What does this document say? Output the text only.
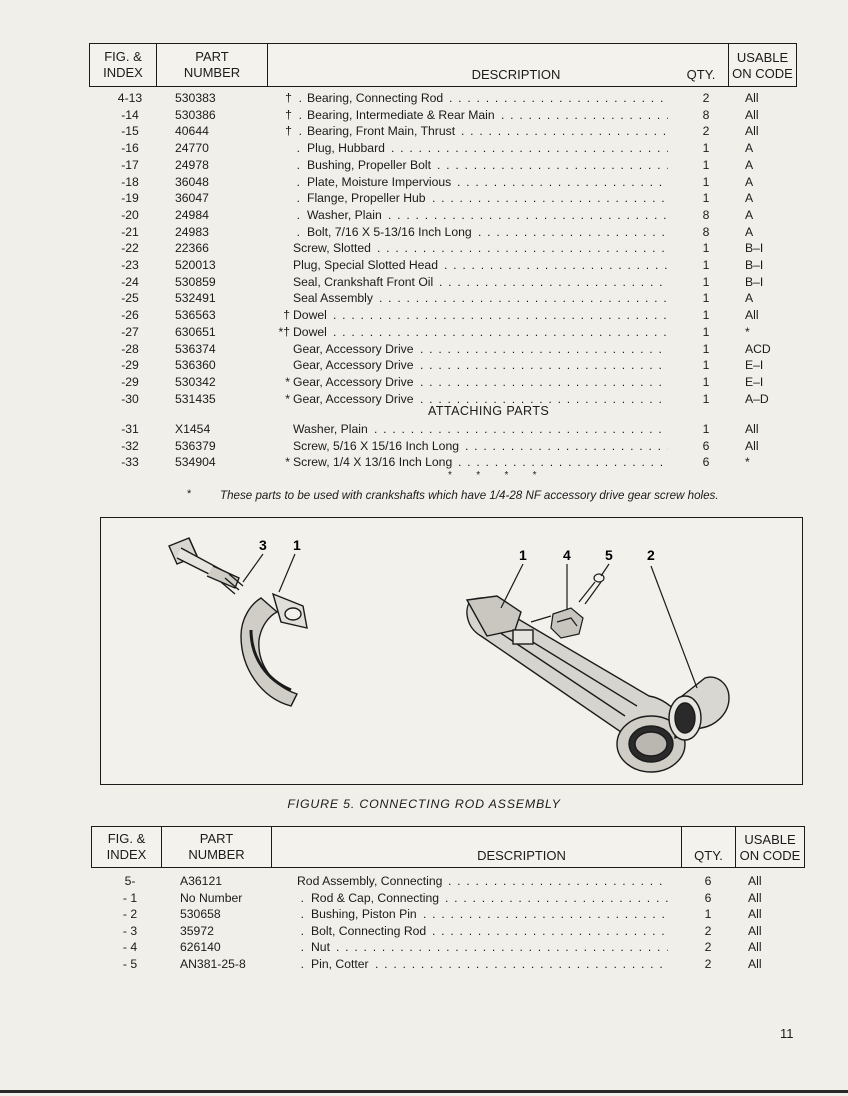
FIG. &
INDEX
PART
NUMBER	DESCRIPTION	QTY.
USABLE
ON CODE
4-13	530383	†  . Bearing, Connecting Rod	2	All
. . .
-14	530386	†  . Bearing, Intermediate & Rear Main	8	All
. . .
-15	40644	†  . Bearing, Front Main, Thrust	2	All
. . .
-16	24770	. Plug, Hubbard	1	A
. . .
-17	24978	. Bushing, Propeller Bolt	1	A
. . .
-18	36048	. Plate, Moisture Impervious	1	A
. . .
-19	36047	. Flange, Propeller Hub	1	A
. . .
-20	24984	. Washer, Plain	8	A
. . .
-21	24983	. Bolt, 7/16 X 5-13/16 Inch Long	8	A
. . .
-22	22366	Screw, Slotted	1	B–I
. . .
-23	520013	Plug, Special Slotted Head	1	B–I
. . .
-24	530859	Seal, Crankshaft Front Oil	1	B–I
. . .
-25	532491	Seal Assembly	1	A
. . .
-26	536563	† Dowel	1	All
. . .
-27	630651	*† Dowel	1	*
. . .
-28	536374	Gear, Accessory Drive	1	ACD
. . .
-29	536360	Gear, Accessory Drive	1	E–I
. . .
-29	530342	* Gear, Accessory Drive	1	E–I
. . .
-30	531435	* Gear, Accessory Drive	1	A–D
. . .
ATTACHING PARTS
-31	X1454	Washer, Plain	1	All
. . .
-32	536379	Screw, 5/16 X 15/16 Inch Long	6	All
. . .
-33	534904	* Screw, 1/4 X 13/16 Inch Long	6	*
. . .
*   *   *   *
* These parts to be used with crankshafts which have 1/4-28 NF accessory drive gear screw holes.
3 1
1	4 5 2
FIGURE 5. CONNECTING ROD ASSEMBLY
FIG. &
INDEX
PART
NUMBER	DESCRIPTION	QTY.
USABLE
ON CODE
5-	A36121	Rod Assembly, Connecting	6	All
. . .
- 1	No Number	. Rod & Cap, Connecting	6	All
. . .
- 2	530658	. Bushing, Piston Pin	1	All
. . .
- 3	35972	. Bolt, Connecting Rod	2	All
. . .
- 4	626140	. Nut	2	All
. . .
- 5	AN381-25-8	. Pin, Cotter	2	All
. . .
11
